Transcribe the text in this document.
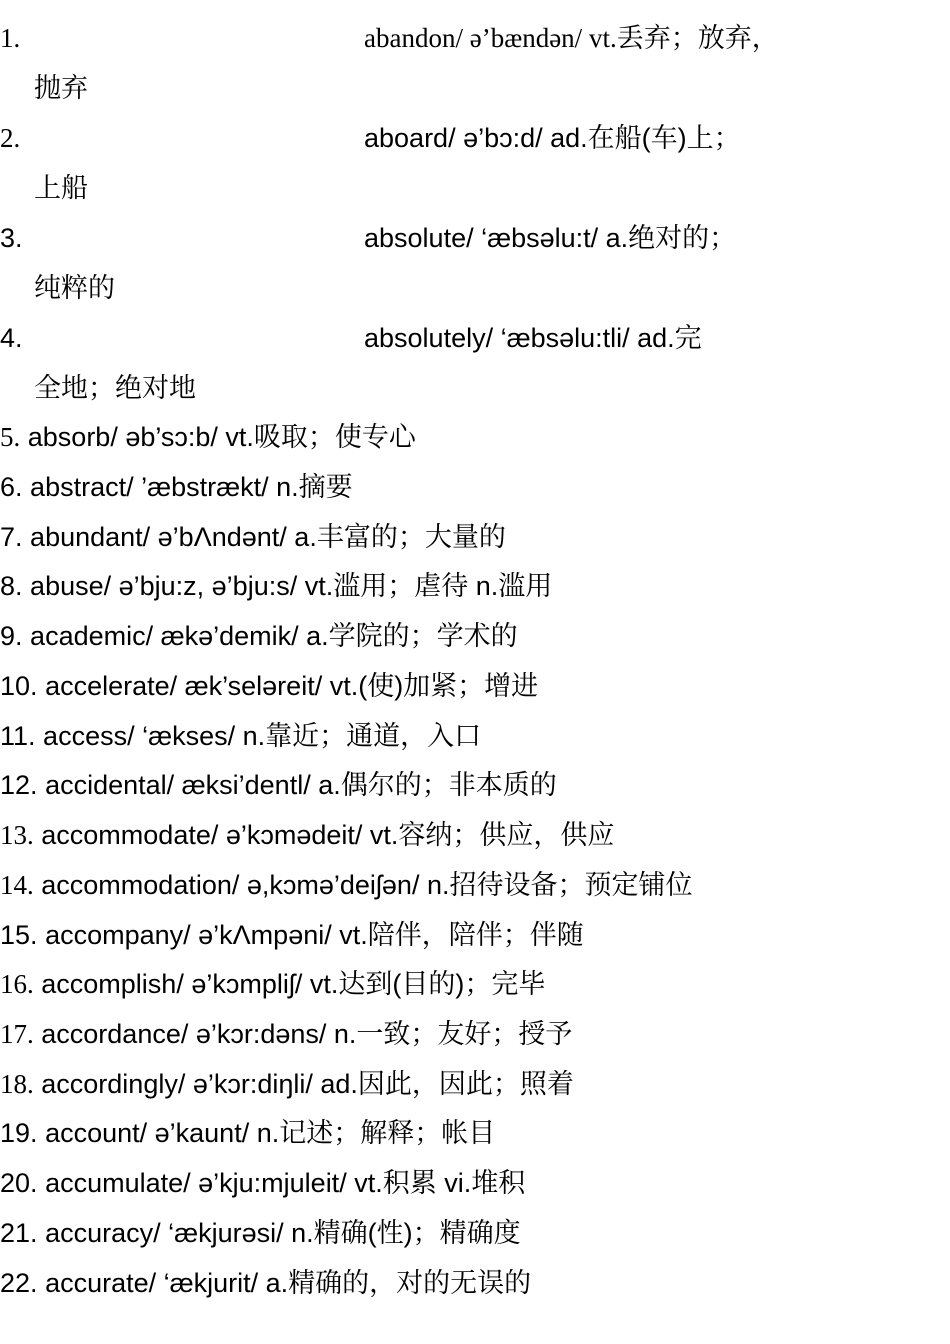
1.	abandon/ ə’bændən/ vt.丢弃；放弃，
抛弃
2.	aboard/ ə’bɔ:d/ ad.在船(车)上；
上船
3.	absolute/ ‘æbsəlu:t/ a.绝对的；
纯粹的
4.	absolutely/ ‘æbsəlu:tli/ ad.完
全地；绝对地
5. absorb/ əb’sɔ:b/ vt.吸取；使专心
6. abstract/ ’æbstrækt/ n.摘要
7. abundant/ ə’bΛndənt/ a.丰富的；大量的
8. abuse/ ə’bju:z, ə’bju:s/ vt.滥用；虐待 n.滥用
9. academic/ ækə’demik/ a.学院的；学术的
10. accelerate/ æk’seləreit/ vt.(使)加紧；增进
11. access/ ‘ækses/ n.靠近；通道，入口
12. accidental/ æksi’dentl/ a.偶尔的；非本质的
13. accommodate/ ə’kɔmədeit/ vt.容纳；供应，供应
14. accommodation/ ə,kɔmə’deiʃən/ n.招待设备；预定铺位
15. accompany/ ə’kΛmpəni/ vt.陪伴，陪伴；伴随
16. accomplish/ ə’kɔmpliʃ/ vt.达到(目的)；完毕
17. accordance/ ə’kɔr:dəns/ n.一致；友好；授予
18. accordingly/ ə’kɔr:diŋli/ ad.因此，因此；照着
19. account/ ə’kaunt/ n.记述；解释；帐目
20. accumulate/ ə’kju:mjuleit/ vt.积累 vi.堆积
21. accuracy/ ‘ækjurəsi/ n.精确(性)；精确度
22. accurate/ ‘ækjurit/ a.精确的，对的无误的
